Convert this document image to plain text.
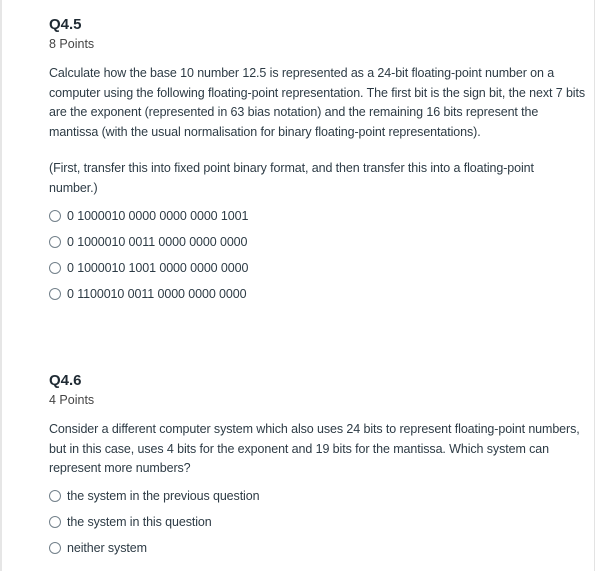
Q4.5
8 Points

Calculate how the base 10 number 12.5 is represented as a 24-bit floating-point number on a computer using the following floating-point representation. The first bit is the sign bit, the next 7 bits are the exponent (represented in 63 bias notation) and the remaining 16 bits represent the mantissa (with the usual normalisation for binary floating-point representations).

(First, transfer this into fixed point binary format, and then transfer this into a floating-point number.)

0 1000010 0000 0000 0000 1001
0 1000010 0011 0000 0000 0000
0 1000010 1001 0000 0000 0000
0 1100010 0011 0000 0000 0000
Q4.6
4 Points

Consider a different computer system which also uses 24 bits to represent floating-point numbers, but in this case, uses 4 bits for the exponent and 19 bits for the mantissa. Which system can represent more numbers?

the system in the previous question
the system in this question
neither system
